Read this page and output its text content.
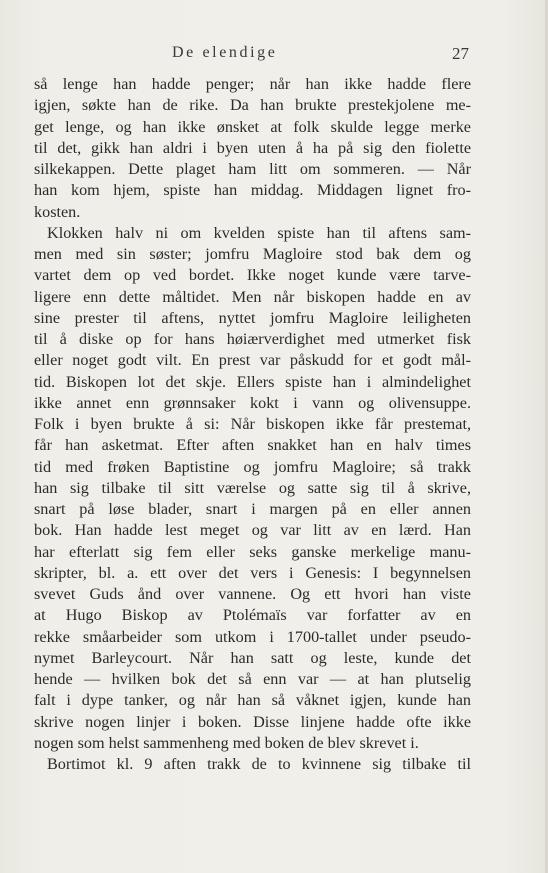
De elendige	27
så lenge han hadde penger; når han ikke hadde flere
igjen, søkte han de rike. Da han brukte prestekjolene me‑
get lenge, og han ikke ønsket at folk skulde legge merke
til det, gikk han aldri i byen uten å ha på sig den fiolette
silkekappen. Dette plaget ham litt om sommeren. — Når
han kom hjem, spiste han middag. Middagen lignet fro‑
kosten.
Klokken halv ni om kvelden spiste han til aftens sam‑
men med sin søster; jomfru Magloire stod bak dem og
vartet dem op ved bordet. Ikke noget kunde være tarve‑
ligere enn dette måltidet. Men når biskopen hadde en av
sine prester til aftens, nyttet jomfru Magloire leiligheten
til å diske op for hans høiærverdighet med utmerket fisk
eller noget godt vilt. En prest var påskudd for et godt mål‑
tid. Biskopen lot det skje. Ellers spiste han i almindelighet
ikke annet enn grønnsaker kokt i vann og olivensuppe.
Folk i byen brukte å si: Når biskopen ikke får prestemat,
får han asketmat. Efter aften snakket han en halv times
tid med frøken Baptistine og jomfru Magloire; så trakk
han sig tilbake til sitt værelse og satte sig til å skrive,
snart på løse blader, snart i margen på en eller annen
bok. Han hadde lest meget og var litt av en lærd. Han
har efterlatt sig fem eller seks ganske merkelige manu‑
skripter, bl. a. ett over det vers i Genesis: I begynnelsen
svevet Guds ånd over vannene. Og ett hvori han viste
at Hugo Biskop av Ptolémaïs var forfatter av en
rekke småarbeider som utkom i 1700‑tallet under pseudo‑
nymet Barleycourt. Når han satt og leste, kunde det
hende — hvilken bok det så enn var — at han plutselig
falt i dype tanker, og når han så våknet igjen, kunde han
skrive nogen linjer i boken. Disse linjene hadde ofte ikke
nogen som helst sammenheng med boken de blev skrevet i.
Bortimot kl. 9 aften trakk de to kvinnene sig tilbake til
